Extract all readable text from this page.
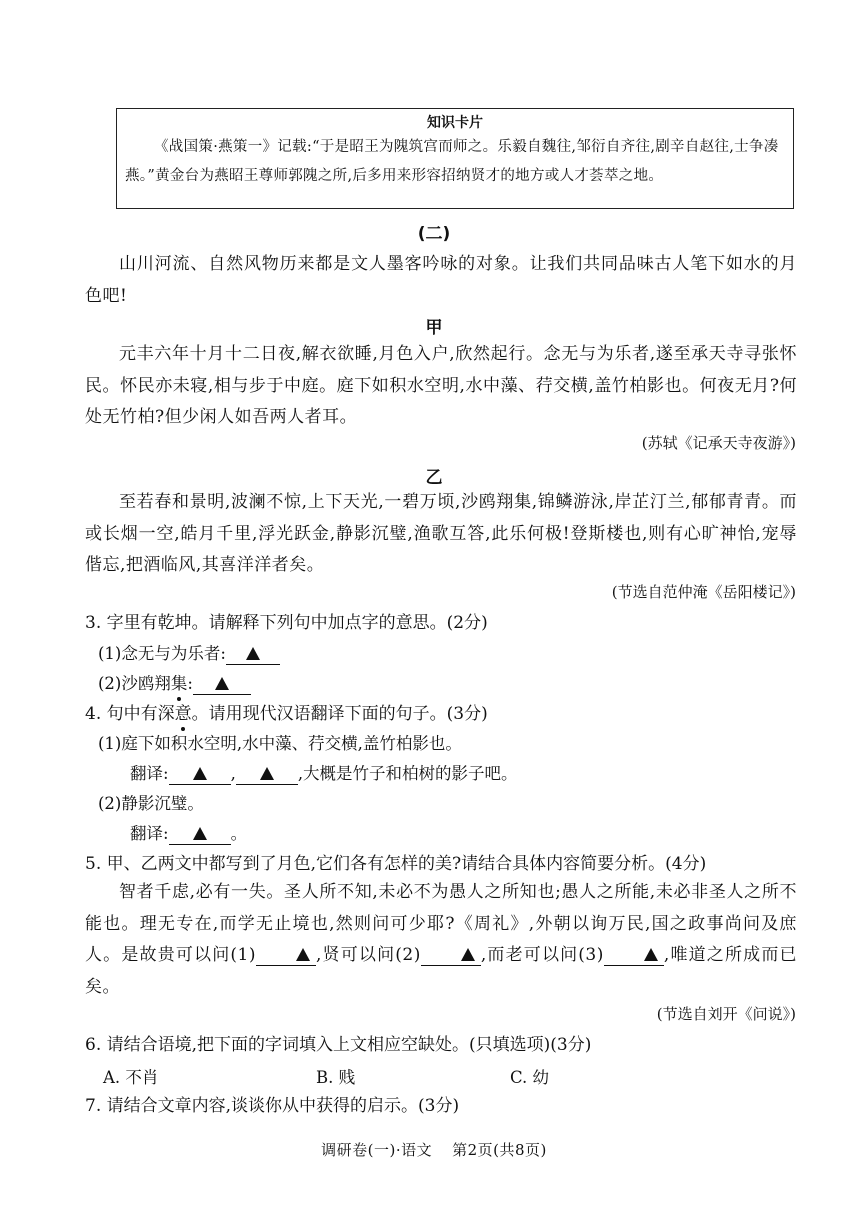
知识卡片
《战国策·燕策一》记载:“于是昭王为隗筑宫而师之。乐毅自魏往,邹衍自齐往,剧辛自赵往,士争凑燕。”黄金台为燕昭王尊师郭隗之所,后多用来形容招纳贤才的地方或人才荟萃之地。
(二)
山川河流、自然风物历来都是文人墨客吟咏的对象。让我们共同品味古人笔下如水的月色吧!
甲
元丰六年十月十二日夜,解衣欲睡,月色入户,欣然起行。念无与为乐者,遂至承天寺寻张怀民。怀民亦未寝,相与步于中庭。庭下如积水空明,水中藻、荇交横,盖竹柏影也。何夜无月?何处无竹柏?但少闲人如吾两人者耳。
(苏轼《记承天寺夜游》)
乙
至若春和景明,波澜不惊,上下天光,一碧万顷,沙鸥翔集,锦鳞游泳,岸芷汀兰,郁郁青青。而或长烟一空,皓月千里,浮光跃金,静影沉璧,渔歌互答,此乐何极!登斯楼也,则有心旷神怡,宠辱偕忘,把酒临风,其喜洋洋者矣。
(节选自范仲淹《岳阳楼记》)
3. 字里有乾坤。请解释下列句中加点字的意思。(2分)
(1)念无与为乐者:
(2)沙鸥翔集:
4. 句中有深意。请用现代汉语翻译下面的句子。(3分)
(1)庭下如积水空明,水中藻、荇交横,盖竹柏影也。
翻译:	,	,大概是竹子和柏树的影子吧。
(2)静影沉璧。
翻译:	。
5. 甲、乙两文中都写到了月色,它们各有怎样的美?请结合具体内容简要分析。(4分)
智者千虑,必有一失。圣人所不知,未必不为愚人之所知也;愚人之所能,未必非圣人之所不能也。理无专在,而学无止境也,然则问可少耶?《周礼》,外朝以询万民,国之政事尚问及庶人。是故贵可以问(1)	,贤可以问(2)	,而老可以问(3)	,唯道之所成而已矣。
(节选自刘开《问说》)
6. 请结合语境,把下面的字词填入上文相应空缺处。(只填选项)(3分)
A. 不肖	B. 贱	C. 幼
7. 请结合文章内容,谈谈你从中获得的启示。(3分)
调研卷(一)·语文 第2页(共8页)
